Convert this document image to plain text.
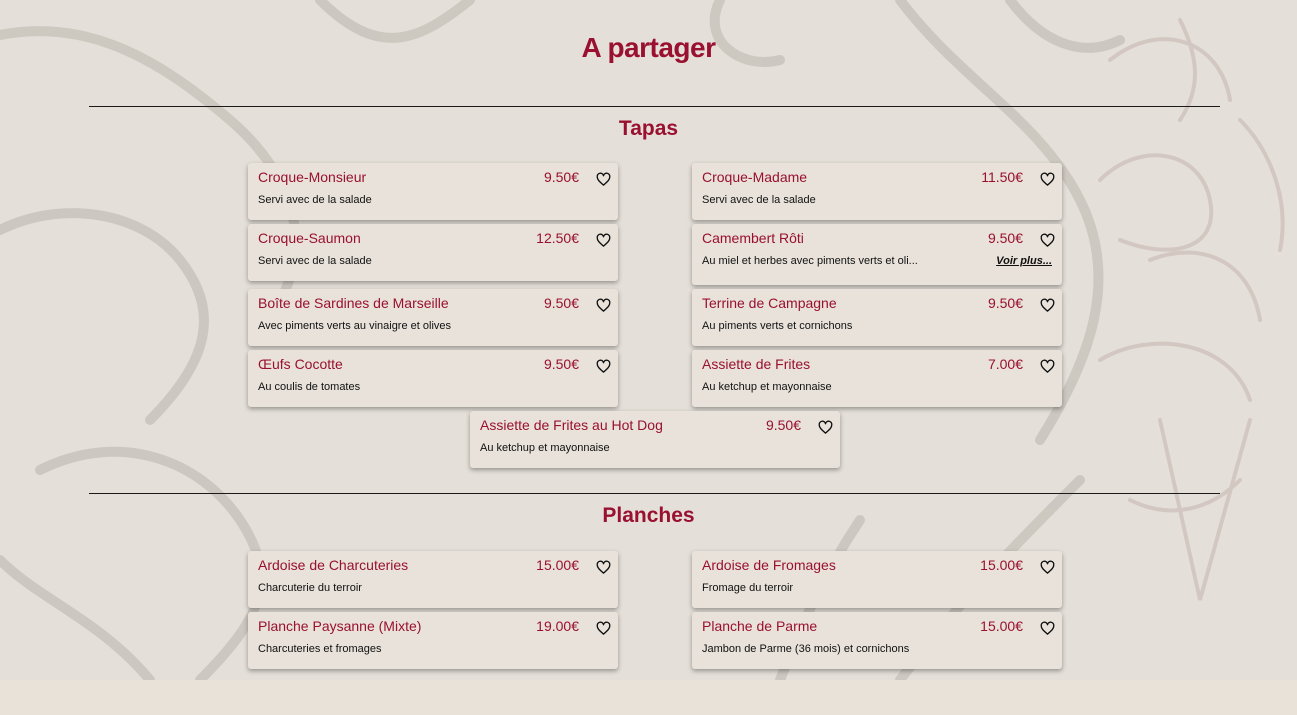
A partager
Tapas
Croque-Monsieur	9.50€
Servi avec de la salade
Croque-Madame	11.50€
Servi avec de la salade
Croque-Saumon	12.50€
Servi avec de la salade
Camembert Rôti	9.50€
Au miel et herbes avec piments verts et oli...	Voir plus...
Boîte de Sardines de Marseille	9.50€
Avec piments verts au vinaigre et olives
Terrine de Campagne	9.50€
Au piments verts et cornichons
Œufs Cocotte	9.50€
Au coulis de tomates
Assiette de Frites	7.00€
Au ketchup et mayonnaise
Assiette de Frites au Hot Dog	9.50€
Au ketchup et mayonnaise
Planches
Ardoise de Charcuteries	15.00€
Charcuterie du terroir
Ardoise de Fromages	15.00€
Fromage du terroir
Planche Paysanne (Mixte)	19.00€
Charcuteries et fromages
Planche de Parme	15.00€
Jambon de Parme (36 mois) et cornichons
